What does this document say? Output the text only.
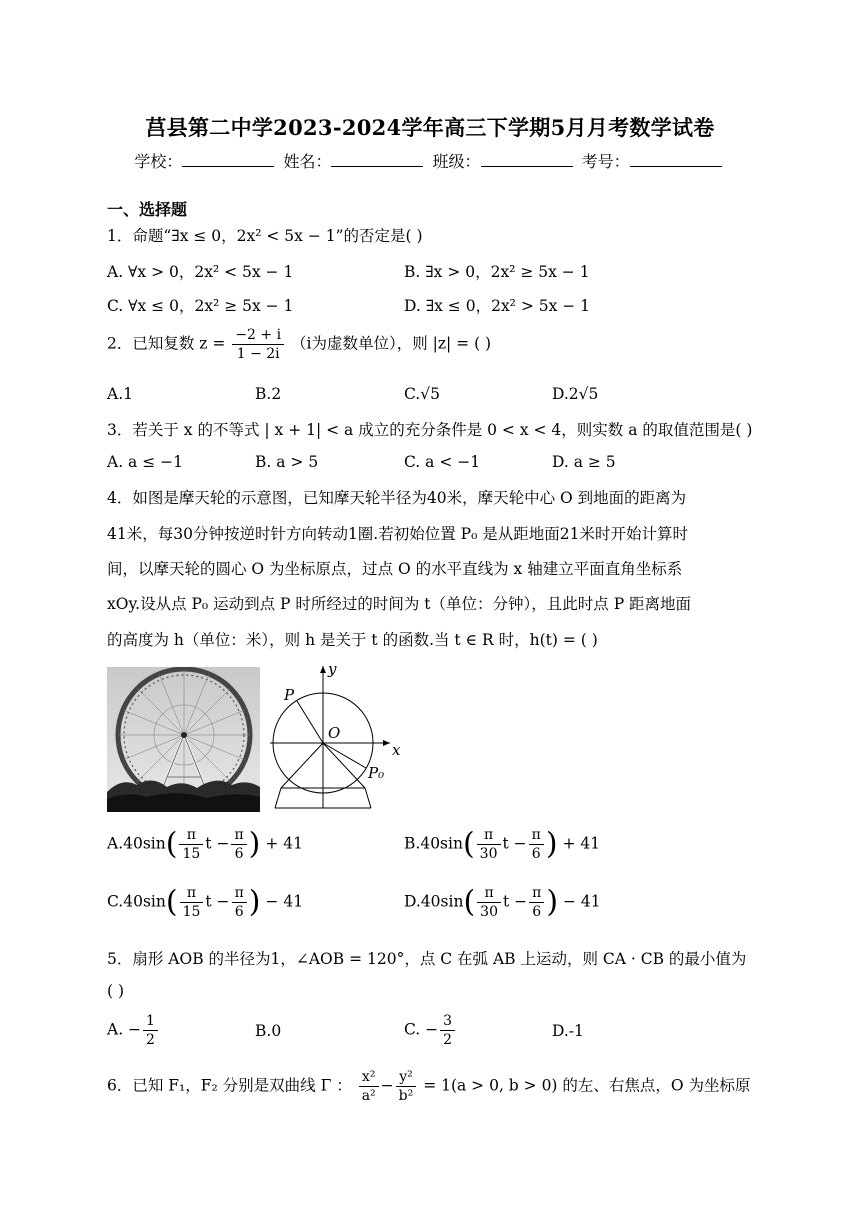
莒县第二中学2023-2024学年高三下学期5月月考数学试卷
学校：	姓名：	班级：	考号：
一、选择题
1．命题“∃x ≤ 0，2x² < 5x − 1”的否定是( )
A. ∀x > 0，2x² < 5x − 1	B. ∃x > 0，2x² ≥ 5x − 1
C. ∀x ≤ 0，2x² ≥ 5x − 1	D. ∃x ≤ 0，2x² > 5x − 1
2．已知复数 $z = \frac{-2 + i}{1 - 2i} (i$为虚数单位），则 |z| = ( )
A.1	B.2	C.√5	D.2√5
3．若关于 x 的不等式 | x + 1| < a 成立的充分条件是 0 < x < 4，则实数 a 的取值范围是( )
A. a ≤ −1	B. a > 5	C. a < −1	D. a ≥ 5
4．如图是摩天轮的示意图，已知摩天轮半径为40米，摩天轮中心 O 到地面的距离为
41米，每30分钟按逆时针方向转动1圈.若初始位置 P₀ 是从距地面21米时开始计算时
间，以摩天轮的圆心 O 为坐标原点，过点 O 的水平直线为 x 轴建立平面直角坐标系
xOy.设从点 P₀ 运动到点 P 时所经过的时间为 t（单位：分钟），且此时点 P 距离地面
的高度为 h（单位：米），则 h 是关于 t 的函数.当 t ∈ R 时，h(t) = ( )
y
x
O
P
P₀
$A.40\sin( \frac{\pi}{15}$ $t - \frac{\pi}{6}$ ) + 41	$B.40\sin( \frac{\pi}{30}$ $t - \frac{\pi}{6}$ ) + 41
$C.40\sin( \frac{\pi}{15}$ $t - \frac{\pi}{6}$ ) − 41	$D.40\sin( \frac{\pi}{30}$ $t - \frac{\pi}{6}$ ) − 41
5．扇形 AOB 的半径为1，∠AOB = 120°，点 C 在弧 AB 上运动，则 CA · CB 的最小值为
( )
A. − $\frac{1}{2}$	B.0	C. − $\frac{3}{2}$	D.-1
6．已知 F₁，F₂ 分别是双曲线 Γ ： $\frac{\text{x²}}{\text{a²}} - \frac{\text{y²}}{\text{b²}} = 1(a > 0$, b > 0) 的左、右焦点，O 为坐标原
